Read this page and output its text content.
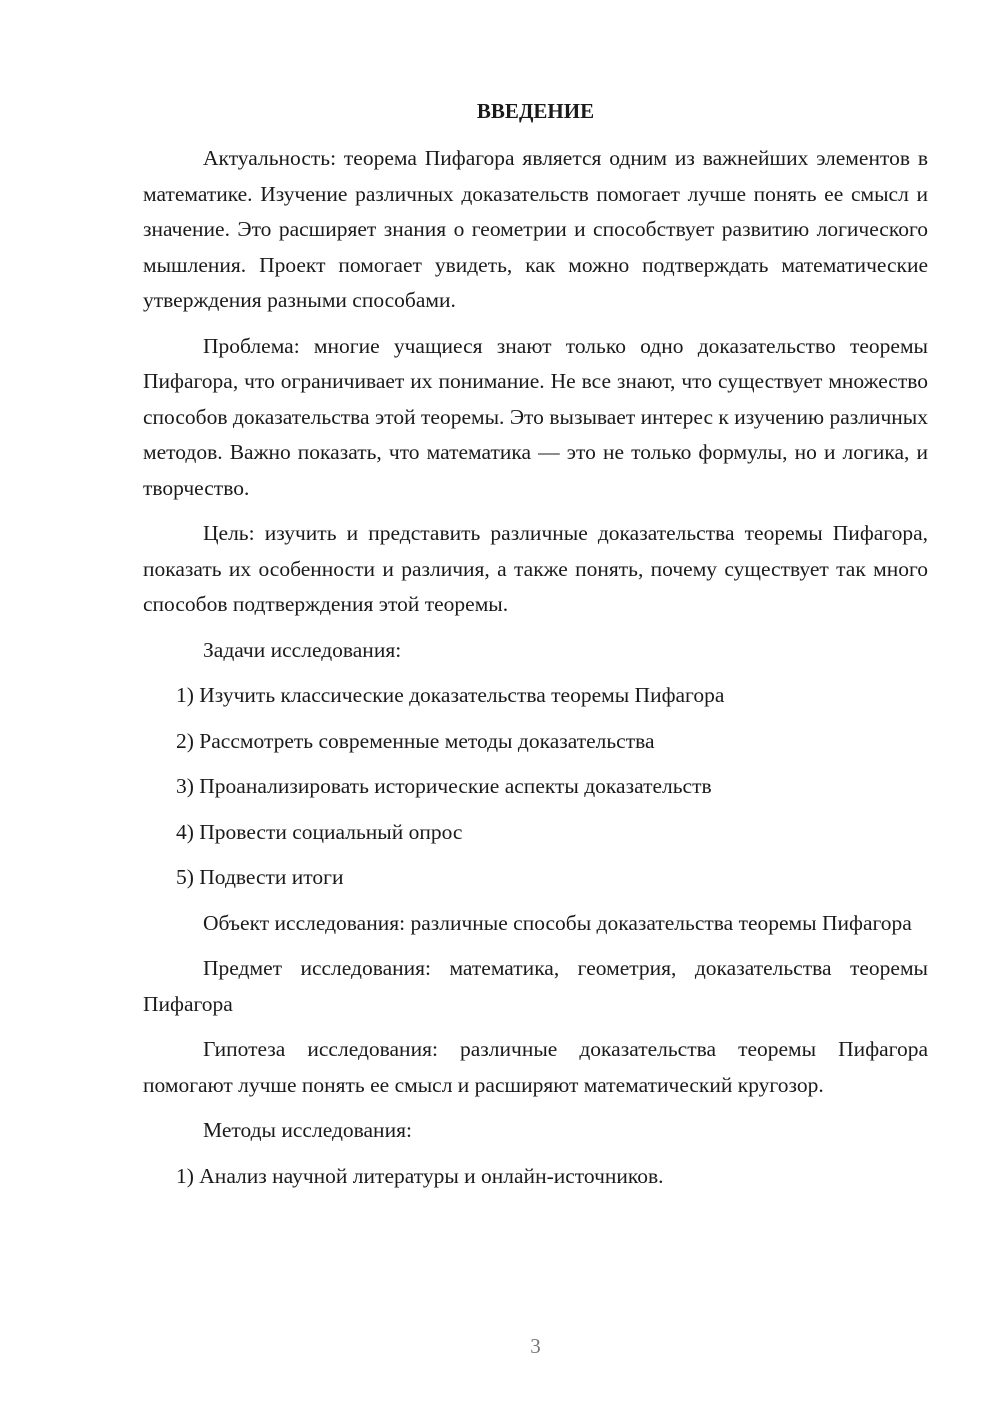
ВВЕДЕНИЕ

Актуальность: теорема Пифагора является одним из важнейших элементов в математике. Изучение различных доказательств помогает лучше понять ее смысл и значение. Это расширяет знания о геометрии и способствует развитию логического мышления. Проект помогает увидеть, как можно подтверждать математические утверждения разными способами.

Проблема: многие учащиеся знают только одно доказательство теоремы Пифагора, что ограничивает их понимание. Не все знают, что существует множество способов доказательства этой теоремы. Это вызывает интерес к изучению различных методов. Важно показать, что математика — это не только формулы, но и логика, и творчество.

Цель: изучить и представить различные доказательства теоремы Пифагора, показать их особенности и различия, а также понять, почему существует так много способов подтверждения этой теоремы.

Задачи исследования:

1) Изучить классические доказательства теоремы Пифагора

2) Рассмотреть современные методы доказательства

3) Проанализировать исторические аспекты доказательств

4) Провести социальный опрос

5) Подвести итоги

Объект исследования: различные способы доказательства теоремы Пифагора

Предмет исследования: математика, геометрия, доказательства теоремы Пифагора

Гипотеза исследования: различные доказательства теоремы Пифагора помогают лучше понять ее смысл и расширяют математический кругозор.

Методы исследования:

1) Анализ научной литературы и онлайн-источников.

3
